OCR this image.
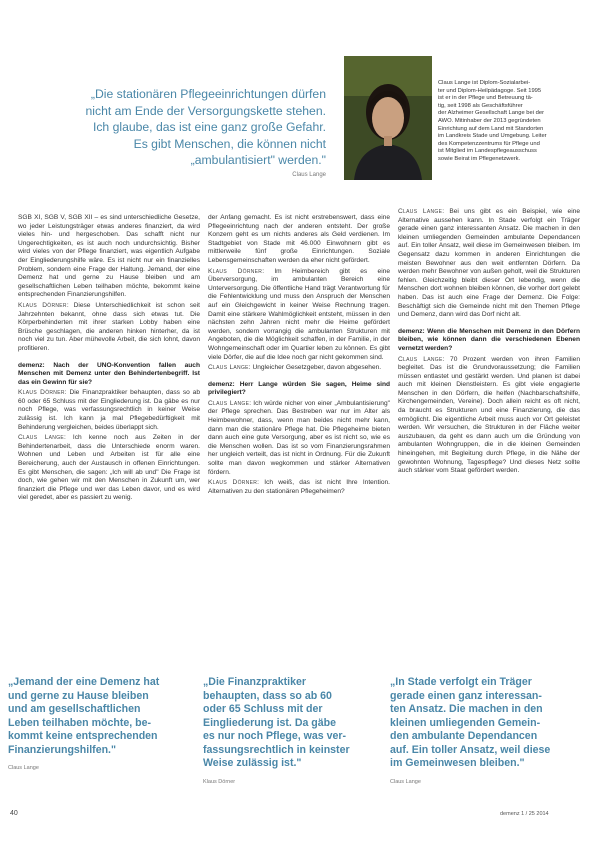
„Die stationären Pflegeeinrichtungen dürfen
nicht am Ende der Versorgungskette stehen.
Ich glaube, das ist eine ganz große Gefahr.
Es gibt Menschen, die können nicht
„ambulantisiert" werden."
Claus Lange
Claus Lange ist Diplom-Sozialarbei-
ter und Diplom-Heilpädagoge. Seit 1995
ist er in der Pflege und Betreuung tä-
tig, seit 1998 als Geschäftsführer
der Alzheimer Gesellschaft Lange bei der
AWO. Mitinhaber der 2013 gegründeten
Einrichtung auf dem Land mit Standorten
im Landkreis Stade und Umgebung. Leiter
des Kompetenzzentrums für Pflege und
ist Mitglied im Landespflegeausschuss
sowie Beirat im Pflegenetzwerk.

SGB XI, SGB V, SGB XII – es sind unterschiedliche Gesetze, wo jeder Leistungsträger etwas anderes finanziert, da wird vieles hin- und hergeschoben. Das schafft nicht nur Ungerechtigkeiten, es ist auch noch undurchsichtig. Bisher wird vieles von der Pflege finanziert, was eigentlich Aufgabe der Eingliederungshilfe wäre. Es ist nicht nur ein finanzielles Problem, sondern eine Frage der Haltung. Jemand, der eine Demenz hat und gerne zu Hause bleiben und am gesellschaftlichen Leben teilhaben möchte, bekommt keine entsprechenden Finanzierungshilfen.

Klaus Dörner: Diese Unterschiedlichkeit ist schon seit Jahrzehnten bekannt, ohne dass sich etwas tut. Die Körperbehinderten mit ihrer starken Lobby haben eine Brüsche geschlagen, die anderen hinken hinterher, da ist noch viel zu tun. Aber mühevolle Arbeit, die sich lohnt, davon profitieren.

demenz: Nach der UNO-Konvention fallen auch Menschen mit Demenz unter den Behindertenbegriff. Ist das ein Gewinn für sie?

Klaus Dörner: Die Finanzpraktiker behaupten, dass so ab 60 oder 65 Schluss mit der Eingliederung ist. Da gäbe es nur noch Pflege, was verfassungsrechtlich in keiner Weise zulässig ist. Ich kann ja mal Pflegebedürftigkeit mit Behinderung vergleichen, beides überlappt sich.

Claus Lange: Ich kenne noch aus Zeiten in der Behindertenarbeit, dass die Unterschiede enorm waren. Wohnen und Leben und Arbeiten ist für alle eine Bereicherung, auch der Austausch in offenen Einrichtungen. Es gibt Menschen, die sagen: „Ich will ab und" Die Frage ist doch, wie gehen wir mit den Menschen in Zukunft um, wer finanziert die Pflege und wer das Leben davor, und es wird viel geredet, aber es passiert zu wenig.

der Anfang gemacht. Es ist nicht erstrebenswert, dass eine Pflegeeinrichtung nach der anderen entsteht. Der große Konzern geht es um nichts anderes als Geld verdienen. Im Stadtgebiet von Stade mit 46.000 Einwohnern gibt es mittlerweile fünf große Einrichtungen. Soziale Lebensgemeinschaften werden da eher nicht gefördert.

Klaus Dörner: Im Heimbereich gibt es eine Überversorgung, im ambulanten Bereich eine Unterversorgung. Die öffentliche Hand trägt Verantwortung für die Fehlentwicklung und muss den Anspruch der Menschen auf ein Gleichgewicht in keiner Weise Rechnung tragen. Damit eine stärkere Wahlmöglichkeit entsteht, müssen in den nächsten zehn Jahren nicht mehr die Heime gefördert werden, sondern vorrangig die ambulanten Strukturen mit Angeboten, die die Möglichkeit schaffen, in der Familie, in der Wohngemeinschaft oder im Quartier leben zu können. Es gibt viele Dörfer, die auf die Idee noch gar nicht gekommen sind.

Claus Lange: Ungleicher Gesetzgeber, davon abgesehen.

demenz: Herr Lange würden Sie sagen, Heime sind privilegiert?

Claus Lange: Ich würde nicher von einer „Ambulantisierung" der Pflege sprechen. Das Bestreben war nur im Alter als Heimbewohner, dass, wenn man beides nicht mehr kann, dann man die stationäre Pflege hat. Die Pflegeheime bieten dann auch eine gute Versorgung, aber es ist nicht so, wie es die Menschen wollen. Das ist so vom Finanzierungsrahmen her ungleich verteilt, das ist nicht in Ordnung. Für die Zukunft sollte man davon wegkommen und stärker Alternativen fördern.

Klaus Dörner: Ich weiß, das ist nicht Ihre Intention. Alternativen zu den stationären Pflegeheimen?

Claus Lange: Bei uns gibt es ein Beispiel, wie eine Alternative aussehen kann. In Stade verfolgt ein Träger gerade einen ganz interessanten Ansatz. Die machen in den kleinen umliegenden Gemeinden ambulante Dependancen auf. Ein toller Ansatz, weil diese im Gemeinwesen bleiben. Im Gegensatz dazu kommen in anderen Einrichtungen die meisten Bewohner aus den weit entfernten Dörfern. Da werden mehr Bewohner von außen geholt, weil die Strukturen fehlen. Gleichzeitig bleibt dieser Ort lebendig, wenn die Menschen dort wohnen bleiben können, die vorher dort gelebt haben. Das ist auch eine Frage der Demenz. Die Folge: Beschäftigt sich die Gemeinde nicht mit den Themen Pflege und Demenz, dann wird das Dorf nicht alt.

demenz: Wenn die Menschen mit Demenz in den Dörfern bleiben, wie können dann die verschiedenen Ebenen vernetzt werden?

Claus Lange: 70 Prozent werden von ihren Familien begleitet. Das ist die Grundvoraussetzung; die Familien müssen entlastet und gestärkt werden. Und planen ist dabei auch mit kleinen Dienstleistern. Es gibt viele engagierte Menschen in den Dörfern, die helfen (Nachbarschaftshilfe, Kirchengemeinden, Vereine). Doch allein reicht es oft nicht, da braucht es Strukturen und eine Finanzierung, die das ermöglicht. Die eigentliche Arbeit muss auch vor Ort geleistet werden. Wir versuchen, die Strukturen in der Fläche weiter auszubauen, da geht es dann auch um die Gründung von ambulanten Wohngruppen, die in die kleinen Gemeinden hineingehen, mit Begleitung durch Pflege, in die Nähe der gewohnten Wohnung, Tagespflege? Und dieses Netz sollte auch stärker vom Staat gefördert werden.

„Jemand der eine Demenz hat
und gerne zu Hause bleiben
und am gesellschaftlichen
Leben teilhaben möchte, be-
kommt keine entsprechenden
Finanzierungshilfen."

Claus Lange

„Die Finanzpraktiker
behaupten, dass so ab 60
oder 65 Schluss mit der
Eingliederung ist. Da gäbe
es nur noch Pflege, was ver-
fassungsrechtlich in keinster
Weise zulässig ist."

Klaus Dörner

„In Stade verfolgt ein Träger
gerade einen ganz interessan-
ten Ansatz. Die machen in den
kleinen umliegenden Gemein-
den ambulante Dependancen
auf. Ein toller Ansatz, weil diese
im Gemeinwesen bleiben."

Claus Lange
40	demenz 1 / 25 2014
